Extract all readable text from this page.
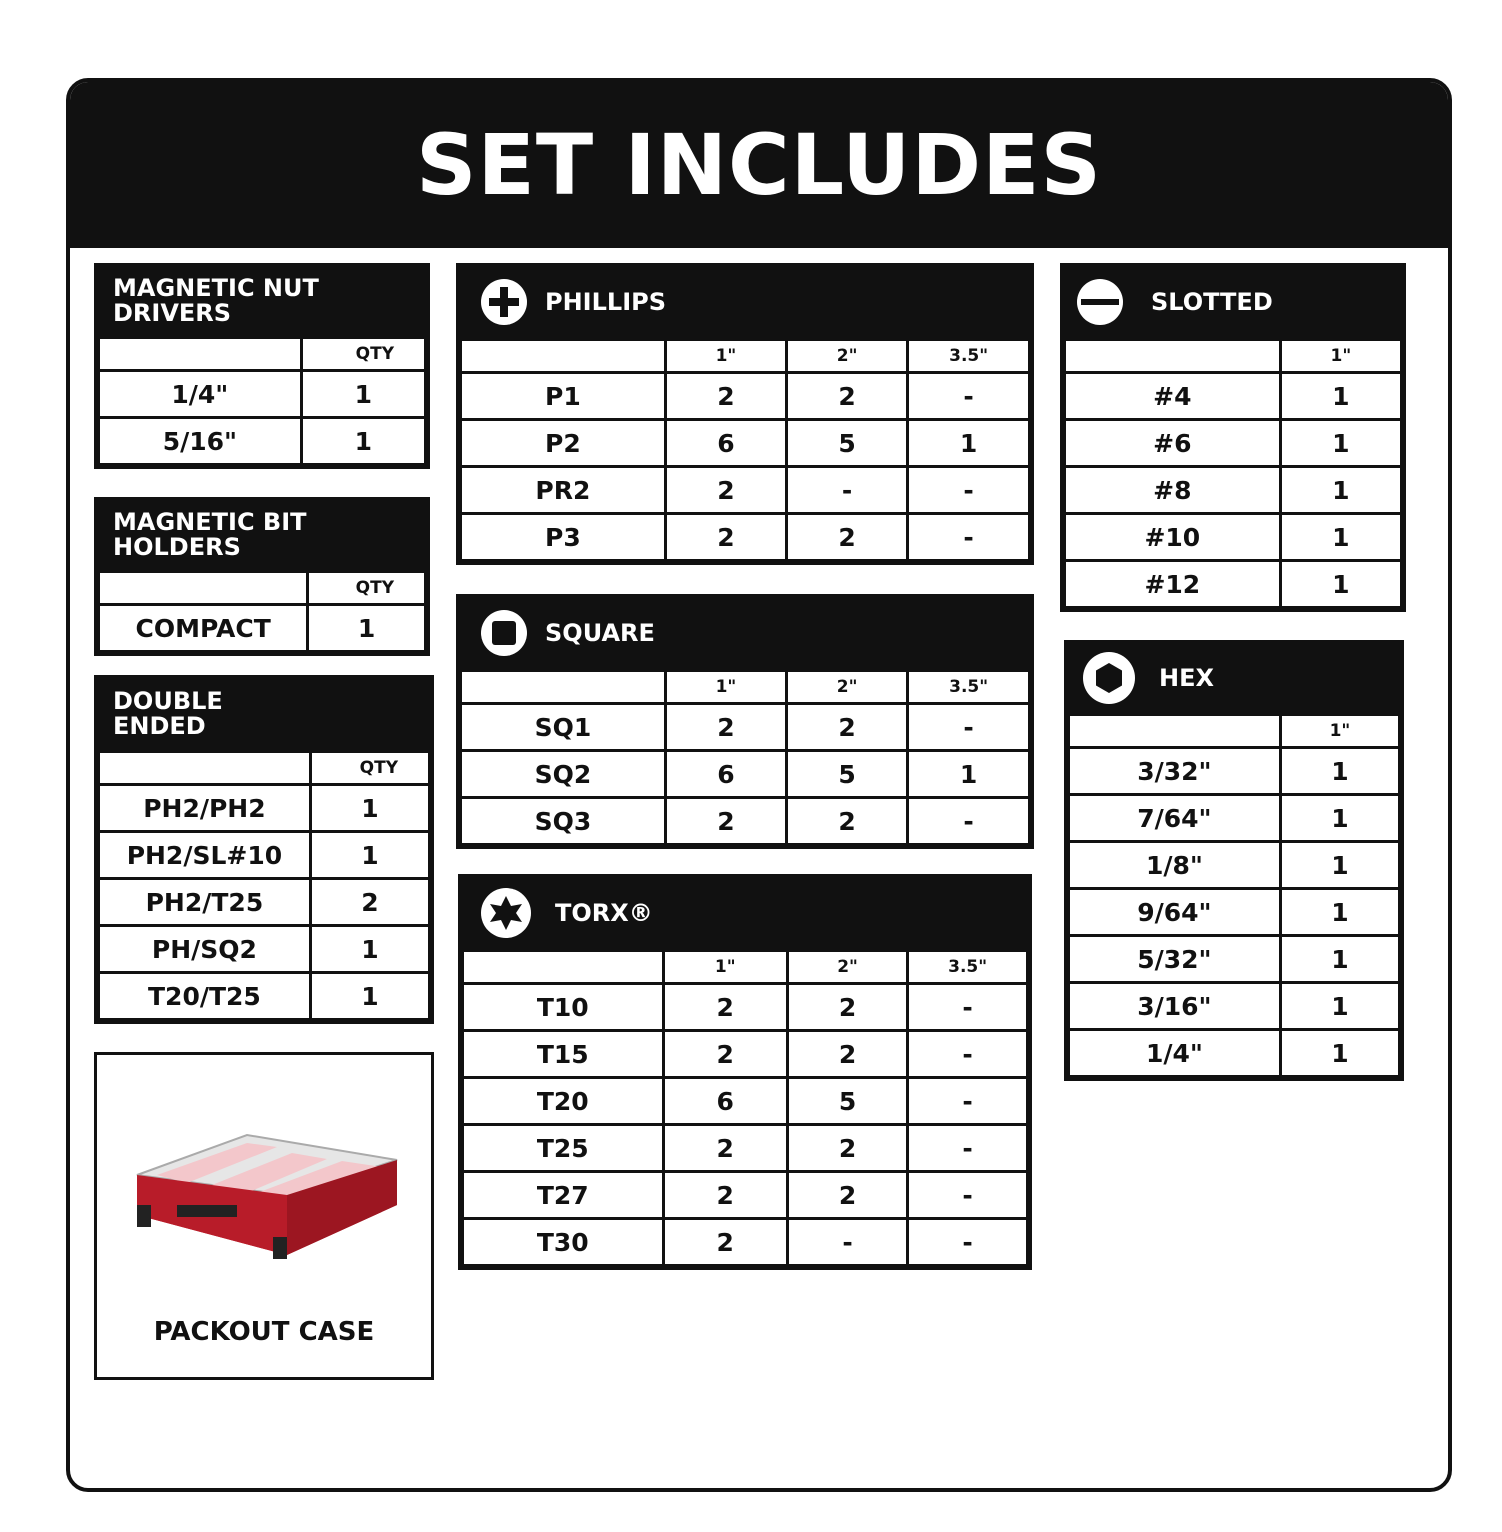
SET INCLUDES
MAGNETIC NUT DRIVERS
	QTY
1/4"	1
5/16"	1
MAGNETIC BIT HOLDERS
	QTY
COMPACT	1
DOUBLE ENDED
	QTY
PH2/PH2	1
PH2/SL#10	1
PH2/T25	2
PH/SQ2	1
T20/T25	1
PACKOUT CASE
PHILLIPS
	1"	2"	3.5"
P1	2	2	-
P2	6	5	1
PR2	2	-	-
P3	2	2	-
SQUARE
	1"	2"	3.5"
SQ1	2	2	-
SQ2	6	5	1
SQ3	2	2	-
TORX®
	1"	2"	3.5"
T10	2	2	-
T15	2	2	-
T20	6	5	-
T25	2	2	-
T27	2	2	-
T30	2	-	-
SLOTTED
	1"
#4	1
#6	1
#8	1
#10	1
#12	1
HEX
	1"
3/32"	1
7/64"	1
1/8"	1
9/64"	1
5/32"	1
3/16"	1
1/4"	1
